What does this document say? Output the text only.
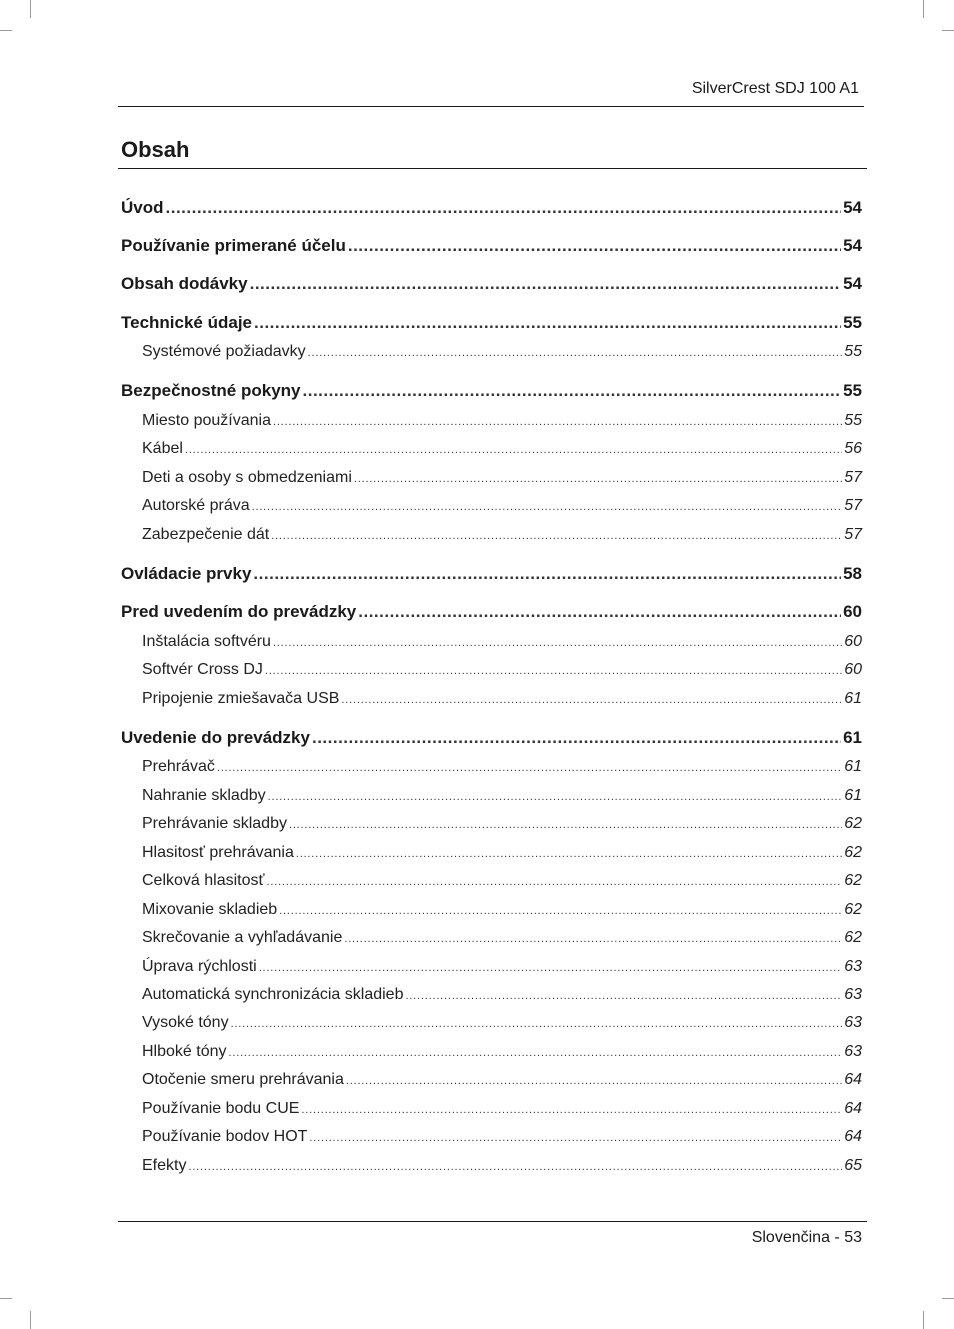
SilverCrest SDJ 100 A1
Obsah
Úvod .....	54
Používanie primerané účelu .....	54
Obsah dodávky .....	54
Technické údaje .....	55
Systémové požiadavky .....	55
Bezpečnostné pokyny .....	55
Miesto používania .....	55
Kábel .....	56
Deti a osoby s obmedzeniami .....	57
Autorské práva .....	57
Zabezpečenie dát .....	57
Ovládacie prvky .....	58
Pred uvedením do prevádzky .....	60
Inštalácia softvéru .....	60
Softvér Cross DJ .....	60
Pripojenie zmiešavača USB .....	61
Uvedenie do prevádzky .....	61
Prehrávač .....	61
Nahranie skladby .....	61
Prehrávanie skladby .....	62
Hlasitosť prehrávania .....	62
Celková hlasitosť .....	62
Mixovanie skladieb .....	62
Skrečovanie a vyhľadávanie .....	62
Úprava rýchlosti .....	63
Automatická synchronizácia skladieb .....	63
Vysoké tóny .....	63
Hlboké tóny .....	63
Otočenie smeru prehrávania .....	64
Používanie bodu CUE .....	64
Používanie bodov HOT .....	64
Efekty .....	65
Slovenčina - 53
